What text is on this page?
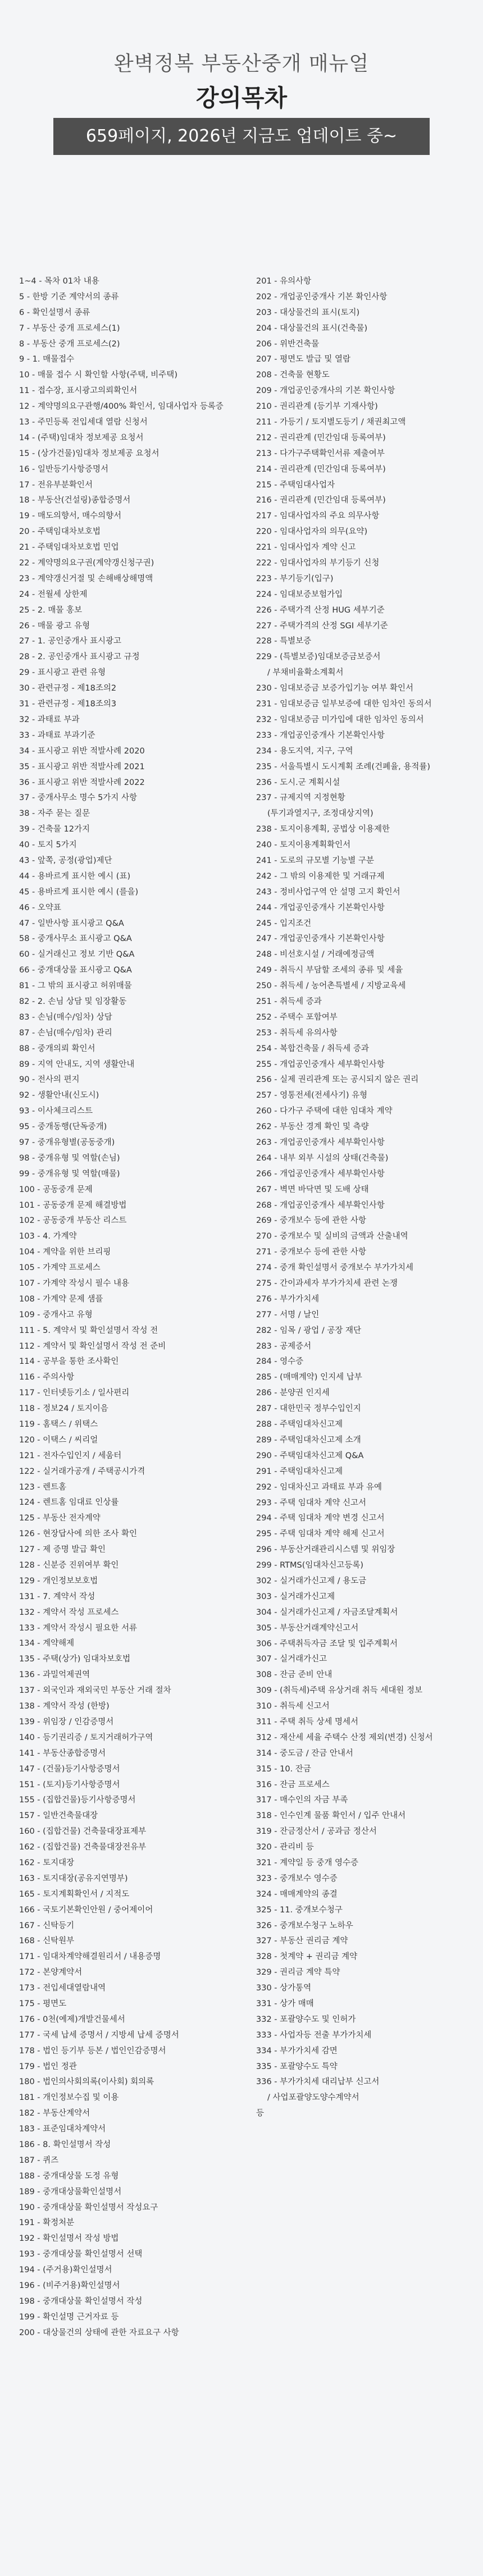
완벽정복 부동산중개 매뉴얼
강의목차
659페이지, 2026년 지금도 업데이트 중~
1~4 - 목차 01차 내용
5 - 한방 기준 계약서의 종류
6 - 확인설명서 종류
7 - 부동산 중개 프로세스(1)
8 - 부동산 중개 프로세스(2)
9 - 1. 매물접수
10 - 매물 접수 시 확인할 사항(주택, 비주택)
11 - 접수장, 표시광고의뢰확인서
12 - 계약명의요구관행/400% 확인서, 임대사업자 등록증
13 - 주민등록 전입세대 열람 신청서
14 - (주택)임대차 정보제공 요청서
15 - (상가건물)임대차 정보제공 요청서
16 - 일반등기사항증명서
17 - 전유부분확인서
18 - 부동산(건설링)종합증명서
19 - 매도의향서, 매수의향서
20 - 주택임대차보호법
21 - 주택임대차보호법 민업
22 - 계약명의요구권(계약갱신청구권)
23 - 계약갱신거절 및 손해배상해명액
24 - 전월세 상한제
25 - 2. 매물 홍보
26 - 매물 광고 유형
27 - 1. 공인중개사 표시광고
28 - 2. 공인중개사 표시광고 규정
29 - 표시광고 관련 유형
30 - 관련규정 - 제18조의2
31 - 관련규정 - 제18조의3
32 - 과태료 부과
33 - 과태료 부과기준
34 - 표시광고 위반 적발사례 2020
35 - 표시광고 위반 적발사례 2021
36 - 표시광고 위반 적발사례 2022
37 - 중개사무소 명수 5가지 사항
38 - 자주 묻는 질문
39 - 건축물 12가지
40 - 토지 5가지
43 - 앞쪽, 공정(광업)제단
44 - 용바르게 표시한 예시 (표)
45 - 용바르게 표시한 예시 (를을)
46 - 오약표
47 - 일반사항 표시광고 Q&A
58 - 중개사무소 표시광고 Q&A
60 - 실거래신고 정보 기반 Q&A
66 - 중개대상물 표시광고 Q&A
81 - 그 밖의 표시광고 허위매물
82 - 2. 손님 상담 및 임장활동
83 - 손님(매수/임차) 상담
87 - 손님(매수/임차) 관리
88 - 중개의뢰 확인서
89 - 지역 안내도, 지역 생활안내
90 - 전사의 편지
92 - 생활안내(신도시)
93 - 이사체크리스트
95 - 중개동행(단독중개)
97 - 중개유형별(공동중개)
98 - 중개유형 및 역할(손님)
99 - 중개유형 및 역할(매물)
100 - 공동중개 문제
101 - 공동중개 문제 해결방법
102 - 공동중개 부동산 리스트
103 - 4. 가계약
104 - 계약을 위한 브리핑
105 - 가계약 프로세스
107 - 가계약 작성시 필수 내용
108 - 가계약 문제 샘플
109 - 중개사고 유형
111 - 5. 계약서 및 확인설명서 작성 전
112 - 계약서 및 확인설명서 작성 전 준비
114 - 공부을 통한 조사확인
116 - 주의사항
117 - 인터넷등기소 / 일사편리
118 - 정보24 / 토지이음
119 - 홈택스 / 위택스
120 - 이택스 / 씨리얼
121 - 전자수입인지 / 세움터
122 - 실거래가공개 / 주택공시가격
123 - 렌트홈
124 - 렌트홈 임대료 인상률
125 - 부동산 전자계약
126 - 현장답사에 의한 조사 확인
127 - 제 증명 발급 확인
128 - 신분증 진위여부 확인
129 - 개인정보보호법
131 - 7. 계약서 작성
132 - 계약서 작성 프로세스
133 - 계약서 작성시 필요한 서류
134 - 계약해제
135 - 주택(상가) 임대차보호법
136 - 과밀억제권역
137 - 외국인과 재외국민 부동산 거래 절차
138 - 계약서 작성 (한방)
139 - 위임장 / 인감증명서
140 - 등기권리증 / 토지거래허가구역
141 - 부동산종합증명서
147 - (건물)등기사항증명서
151 - (토지)등기사항증명서
155 - (집합건물)등기사항증명서
157 - 일반건축물대장
160 - (집합건물) 건축물대장표제부
162 - (집합건물) 건축물대장전유부
162 - 토지대장
163 - 토지대장(공유지연명부)
165 - 토지계획확인서 / 지적도
166 - 국토기본확인안원 / 중어제이어
167 - 신탁등기
168 - 신탁원부
171 - 임대차계약해결원리서 / 내용증명
172 - 본양계약서
173 - 전입세대열람내역
175 - 평면도
176 - 0천(예제)개발건물세서
177 - 국세 납세 증명서 / 지방세 납세 증명서
178 - 법인 등기부 등본 / 법인인감증명서
179 - 법인 정관
180 - 법인의사회의록(이사회) 회의록
181 - 개인정보수집 및 이용
182 - 부동산계약서
183 - 표준임대차계약서
186 - 8. 확인설명서 작성
187 - 퀴즈
188 - 중개대상물 도정 유형
189 - 중개대상물확인설명서
190 - 중개대상물 확인설명서 작성요구
191 - 확정처분
192 - 확인설명서 작성 방법
193 - 중개대상물 확인설명서 선택
194 - (주거용)확인설명서
196 - (비주거용)확인설명서
198 - 중개대상물 확인설명서 작성
199 - 확인설명 근거자료 등
200 - 대상물건의 상태에 관한 자료요구 사항
201 - 유의사항
202 - 개업공인중개사 기본 확인사항
203 - 대상물건의 표시(토지)
204 - 대상물건의 표시(건축물)
206 - 위반건축물
207 - 평면도 발급 및 열람
208 - 건축물 현황도
209 - 개업공인중개사의 기본 확인사항
210 - 권리관계 (등기부 기재사항)
211 - 가등기 / 토지별도등기 / 채권최고액
212 - 권리관계 (민간임대 등록여부)
213 - 다가구주택확인서류 제출여부
214 - 권리관계 (민간임대 등록여부)
215 - 주택임대사업자
216 - 권리관계 (민간임대 등록여부)
217 - 임대사업자의 주요 의무사항
220 - 임대사업자의 의무(요약)
221 - 임대사업자 계약 신고
222 - 임대사업자의 부기등기 신청
223 - 부기등기(입구)
224 - 임대보증보험가입
226 - 주택가격 산정 HUG 세부기준
227 - 주택가격의 산정 SGI 세부기준
228 - 특별보증
229 - (특별보증)임대보증금보증서
/ 부채비율확소계획서
230 - 임대보증금 보증가입기능 여부 확인서
231 - 임대보증금 일부보증에 대한 임차인 동의서
232 - 임대보증금 미가입에 대한 임차인 동의서
233 - 개업공인중개사 기본확인사항
234 - 용도지역, 지구, 구역
235 - 서울특별시 도시계획 조례(건폐율, 용적률)
236 - 도시.군 계획시설
237 - 규제지역 지정현황
(투기과열지구, 조정대상지역)
238 - 토지이용계획, 공법상 이용제한
240 - 토지이용계획확인서
241 - 도로의 규모별 기능별 구분
242 - 그 밖의 이용제한 및 거래규제
243 - 정비사업구역 안 설명 고지 확인서
244 - 개업공인중개사 기본확인사항
245 - 입지조건
247 - 개업공인중개사 기본확인사항
248 - 비선호시설 / 거래예정금액
249 - 취득시 부담할 조세의 종류 및 세율
250 - 취득세 / 농어촌특별세 / 지방교육세
251 - 취득세 증과
252 - 주택수 포함여부
253 - 취득세 유의사항
254 - 복합건축물 / 취득세 증과
255 - 개업공인중개사 세부확인사항
256 - 실제 권리관계 또는 공시되지 않은 권리
257 - 영통전세(전세사기) 유형
260 - 다가구 주택에 대한 임대차 계약
262 - 부동산 경계 확인 및 측량
263 - 개업공인중개사 세부확인사항
264 - 내부 외부 시설의 상태(건축물)
266 - 개업공인중개사 세부확인사항
267 - 벽면 바닥면 및 도배 상태
268 - 개업공인중개사 세부확인사항
269 - 중개보수 등에 관한 사항
270 - 중개보수 및 실비의 금액과 산출내역
271 - 중개보수 등에 관한 사항
274 - 중개 확인설명서 중개보수 부가가치세
275 - 간이과세자 부가가치세 관련 논쟁
276 - 부가가치세
277 - 서명 / 날인
282 - 임목 / 광업 / 공장 재단
283 - 공제증서
284 - 영수증
285 - (매매계약) 인지세 납부
286 - 분양권 인지세
287 - 대한민국 정부수입인지
288 - 주택임대차신고제
289 - 주택임대차신고제 소개
290 - 주택임대차신고제 Q&A
291 - 주택임대차신고제
292 - 임대차신고 과태료 부과 유예
293 - 주택 임대차 계약 신고서
294 - 주택 임대차 계약 변경 신고서
295 - 주택 임대차 계약 해제 신고서
296 - 부동산거래관리시스템 및 위임장
299 - RTMS(임대차신고등록)
302 - 실거래가신고제 / 용도금
303 - 실거래가신고제
304 - 실거래가신고제 / 자금조달계획서
305 - 부동산거래계약신고서
306 - 주택취득자금 조달 및 입주계획서
307 - 실거래가신고
308 - 잔금 준비 안내
309 - (취득세)주택 유상거래 취득 세대원 정보
310 - 취득세 신고서
311 - 주택 취득 상세 명세서
312 - 재산세 세율 주택수 산정 제외(변경) 신청서
314 - 중도금 / 잔금 안내서
315 - 10. 잔금
316 - 잔금 프로세스
317 - 매수인의 자금 부족
318 - 인수인계 물품 확인서 / 입주 안내서
319 - 잔금정산서 / 공과금 정산서
320 - 관리비 등
321 - 계약일 등 중개 영수증
323 - 중개보수 영수증
324 - 매매계약의 종결
325 - 11. 중개보수청구
326 - 중개보수청구 노하우
327 - 부동산 권리금 계약
328 - 첫계약 + 권리금 계약
329 - 권리금 계약 특약
330 - 상가통역
331 - 상가 매매
332 - 포괄양수도 및 인허가
333 - 사업자등 전출 부가가치세
334 - 부가가치세 감면
335 - 포괄양수도 특약
336 - 부가가치세 대리납부 신고서
/ 사업포괄양도양수계약서
등
